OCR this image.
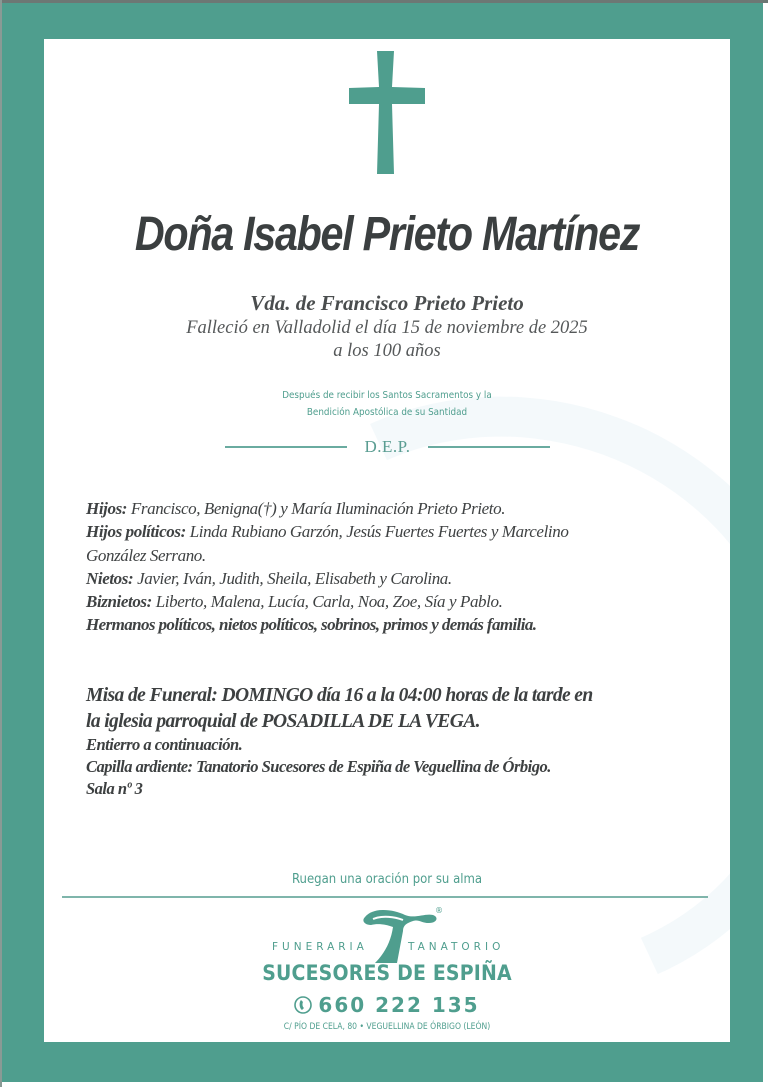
Doña Isabel Prieto Martínez
Vda. de Francisco Prieto Prieto
Falleció en Valladolid el día 15 de noviembre de 2025
a los 100 años
Después de recibir los Santos Sacramentos y la
Bendición Apostólica de su Santidad
D.E.P.
Hijos: Francisco, Benigna(†) y María Iluminación Prieto Prieto.
Hijos políticos: Linda Rubiano Garzón, Jesús Fuertes Fuertes y Marcelino
González Serrano.
Nietos: Javier, Iván, Judith, Sheila, Elisabeth y Carolina.
Biznietos: Liberto, Malena, Lucía, Carla, Noa, Zoe, Sía y Pablo.
Hermanos políticos, nietos políticos, sobrinos, primos y demás familia.
Misa de Funeral: DOMINGO día 16 a la 04:00 horas de la tarde en
la iglesia parroquial de POSADILLA DE LA VEGA.
Entierro a continuación.
Capilla ardiente: Tanatorio Sucesores de Espiña de Veguellina de Órbigo.
Sala nº 3
Ruegan una oración por su alma
FUNERARIA
®
TANATORIO
SUCESORES DE ESPIÑA
660 222 135
C/ PÍO DE CELA, 80 • VEGUELLINA DE ÓRBIGO (LEÓN)
